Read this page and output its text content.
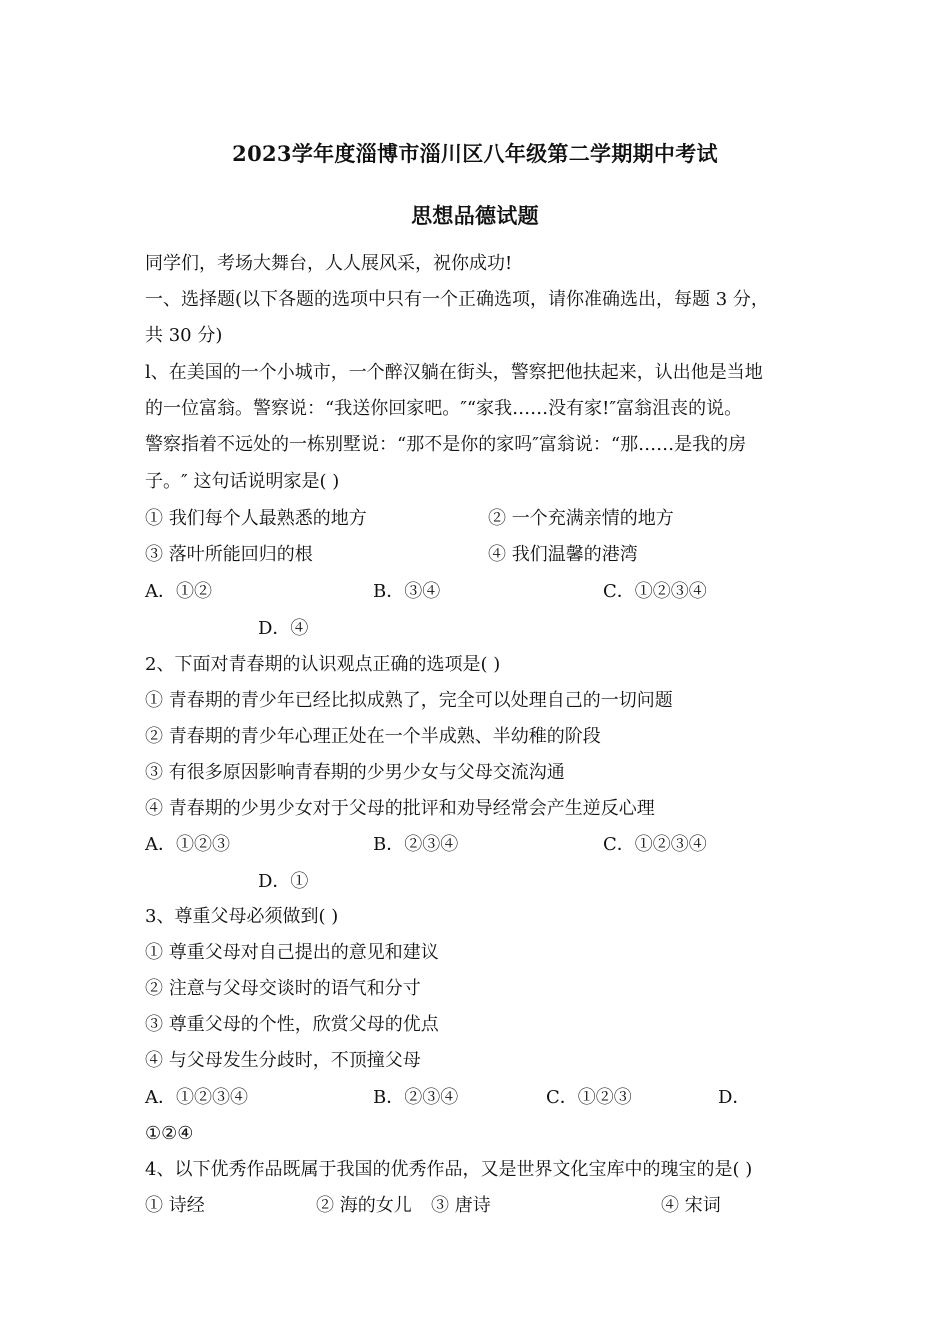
2023学年度淄博市淄川区八年级第二学期期中考试
思想品德试题
同学们，考场大舞台，人人展风采，祝你成功!
一、选择题(以下各题的选项中只有一个正确选项，请你准确选出，每题 3 分，
共 30 分)
l、在美国的一个小城市，一个醉汉躺在街头，警察把他扶起来，认出他是当地
的一位富翁。警察说：“我送你回家吧。″“家我……没有家!″富翁沮丧的说。
警察指着不远处的一栋别墅说：“那不是你的家吗″富翁说：“那……是我的房
子。″ 这句话说明家是( )
① 我们每个人最熟悉的地方	② 一个充满亲情的地方
③ 落叶所能回归的根	④ 我们温馨的港湾
A．①②	B．③④	C．①②③④
D．④
2、下面对青春期的认识观点正确的选项是( )
① 青春期的青少年已经比拟成熟了，完全可以处理自己的一切问题
② 青春期的青少年心理正处在一个半成熟、半幼稚的阶段
③ 有很多原因影响青春期的少男少女与父母交流沟通
④ 青春期的少男少女对于父母的批评和劝导经常会产生逆反心理
A．①②③	B．②③④	C．①②③④
D．①
3、尊重父母必须做到( )
① 尊重父母对自己提出的意见和建议
② 注意与父母交谈时的语气和分寸
③ 尊重父母的个性，欣赏父母的优点
④ 与父母发生分歧时，不顶撞父母
A．①②③④	B．②③④	C．①②③	D．
①②④
4、以下优秀作品既属于我国的优秀作品，又是世界文化宝库中的瑰宝的是( )
① 诗经	② 海的女儿 ③ 唐诗	④ 宋词
